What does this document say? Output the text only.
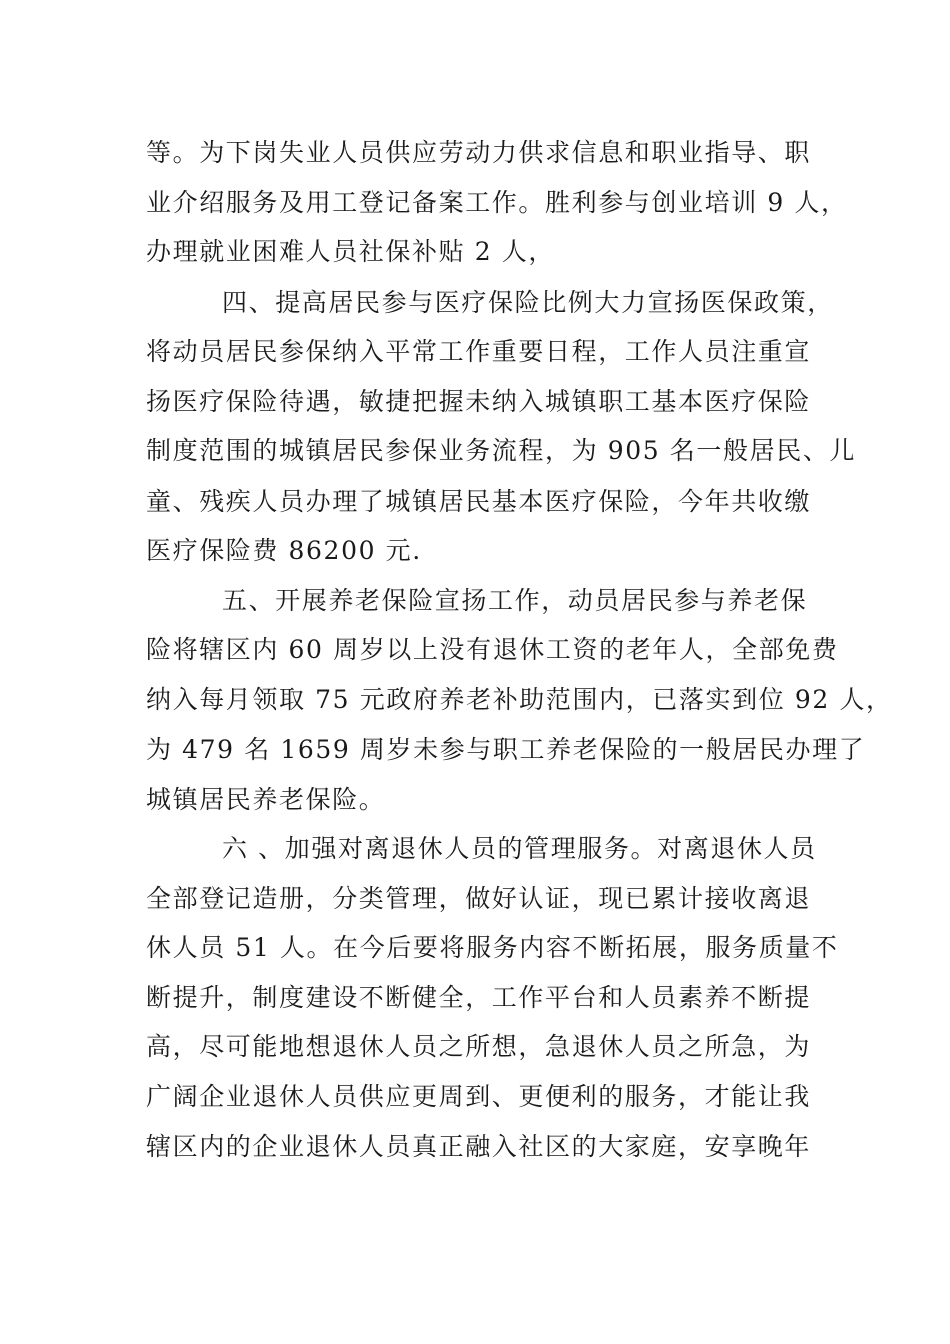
等。为下岗失业人员供应劳动力供求信息和职业指导、职
业介绍服务及用工登记备案工作。胜利参与创业培训 9 人，
办理就业困难人员社保补贴 2 人，
四、提高居民参与医疗保险比例大力宣扬医保政策，
将动员居民参保纳入平常工作重要日程，工作人员注重宣
扬医疗保险待遇，敏捷把握未纳入城镇职工基本医疗保险
制度范围的城镇居民参保业务流程，为 905 名一般居民、儿
童、残疾人员办理了城镇居民基本医疗保险，今年共收缴
医疗保险费 86200 元.
五、开展养老保险宣扬工作，动员居民参与养老保
险将辖区内 60 周岁以上没有退休工资的老年人，全部免费
纳入每月领取 75 元政府养老补助范围内，已落实到位 92 人，
为 479 名 1659 周岁未参与职工养老保险的一般居民办理了
城镇居民养老保险。
六 、加强对离退休人员的管理服务。对离退休人员
全部登记造册，分类管理，做好认证，现已累计接收离退
休人员 51 人。在今后要将服务内容不断拓展，服务质量不
断提升，制度建设不断健全，工作平台和人员素养不断提
高，尽可能地想退休人员之所想，急退休人员之所急，为
广阔企业退休人员供应更周到、更便利的服务，才能让我
辖区内的企业退休人员真正融入社区的大家庭，安享晚年
